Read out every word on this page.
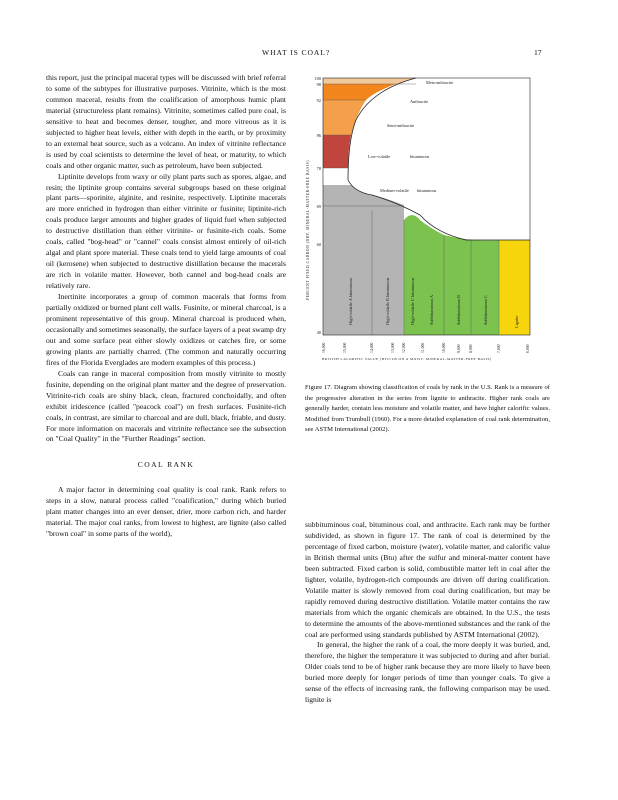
WHAT IS COAL?	17

this report, just the principal maceral types will be discussed with brief referral to some of the subtypes for illustrative purposes. Vitrinite, which is the most common maceral, results from the coalification of amorphous humic plant material (structureless plant remains). Vitrinite, sometimes called pure coal, is sensitive to heat and becomes denser, tougher, and more vitreous as it is subjected to higher heat levels, either with depth in the earth, or by proximity to an external heat source, such as a volcano. An index of vitrinite reflectance is used by coal scientists to determine the level of heat, or maturity, to which coals and other organic matter, such as petroleum, have been subjected.

Liptinite develops from waxy or oily plant parts such as spores, algae, and resin; the liptinite group contains several subgroups based on these original plant parts—sporinite, alginite, and resinite, respectively. Liptinite macerals are more enriched in hydrogen than either vitrinite or fusinite; liptinite-rich coals produce larger amounts and higher grades of liquid fuel when subjected to destructive distillation than either vitrinite- or fusinite-rich coals. Some coals, called "bog-head" or "cannel" coals consist almost entirely of oil-rich algal and plant spore material. These coals tend to yield large amounts of coal oil (kerosene) when subjected to destructive distillation because the macerals are rich in volatile matter. However, both cannel and bog-head coals are relatively rare.

Inertinite incorporates a group of common macerals that forms from partially oxidized or burned plant cell walls. Fusinite, or mineral charcoal, is a prominent representative of this group. Mineral charcoal is produced when, occasionally and sometimes seasonally, the surface layers of a peat swamp dry out and some surface peat either slowly oxidizes or catches fire, or some growing plants are partially charred. (The common and naturally occurring fires of the Florida Everglades are modern examples of this process.)

Coals can range in maceral composition from mostly vitrinite to mostly fusinite, depending on the original plant matter and the degree of preservation. Vitrinite-rich coals are shiny black, clean, fractured conchoidally, and often exhibit iridescence (called "peacock coal") on fresh surfaces. Fusinite-rich coals, in contrast, are similar to charcoal and are dull, black, friable, and dusty. For more information on macerals and vitrinite reflectance see the subsection on "Coal Quality" in the "Further Readings" section.

COAL RANK

A major factor in determining coal quality is coal rank. Rank refers to steps in a slow, natural process called "coalification," during which buried plant matter changes into an ever denser, drier, more carbon rich, and harder material. The major coal ranks, from lowest to highest, are lignite (also called "brown coal" in some parts of the world),

100
98
92
86
78
69
60
40
PERCENT FIXED CARBON (DRY, MINERAL-MATTER-FREE BASIS)
16,000	15,000	14,000	13,000 12,000	11,000	10,000	9,000 8,000	7,000	6,000
BRITISH CALORIFIC VALUE (BTU/LB ON A MOIST, MINERAL-MATTER-FREE BASIS)
Meta-anthracite
Anthracite
Semi-anthracite
Low-volatile	bituminous
Medium-volatile bituminous
High-volatile A bituminous	High-volatile B bituminous	High-volatile C bituminous	Subbituminous A	Subbituminous B	Subbituminous C	Lignite
Figure 17. Diagram showing classification of coals by rank in the U.S. Rank is a measure of the progressive alteration in the series from lignite to anthracite. Higher rank coals are generally harder, contain less moisture and volatile matter, and have higher calorific values. Modified from Trumbull (1960). For a more detailed explanation of coal rank determination, see ASTM International (2002).

subbituminous coal, bituminous coal, and anthracite. Each rank may be further subdivided, as shown in figure 17. The rank of coal is determined by the percentage of fixed carbon, moisture (water), volatile matter, and calorific value in British thermal units (Btu) after the sulfur and mineral-matter content have been subtracted. Fixed carbon is solid, combustible matter left in coal after the lighter, volatile, hydrogen-rich compounds are driven off during coalification. Volatile matter is slowly removed from coal during coalification, but may be rapidly removed during destructive distillation. Volatile matter contains the raw materials from which the organic chemicals are obtained. In the U.S., the tests to determine the amounts of the above-mentioned substances and the rank of the coal are performed using standards published by ASTM International (2002).

In general, the higher the rank of a coal, the more deeply it was buried, and, therefore, the higher the temperature it was subjected to during and after burial. Older coals tend to be of higher rank because they are more likely to have been buried more deeply for longer periods of time than younger coals. To give a sense of the effects of increasing rank, the following comparison may be used. lignite is
